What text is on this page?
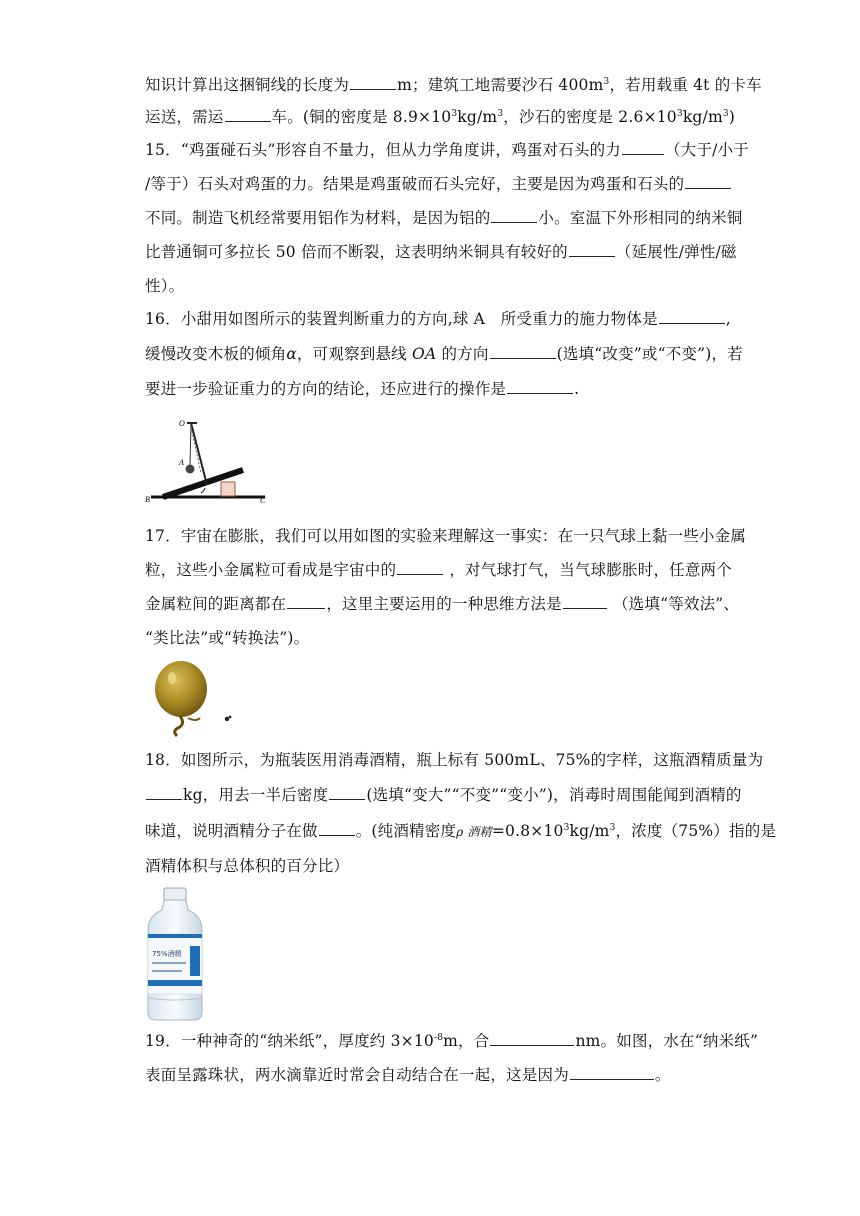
知识计算出这捆铜线的长度为	m；建筑工地需要沙石 $400m^3$，若用载重 4t 的卡车
运送，需运	车。(铜的密度是 $8.9\times 10^3kg/m^3$，沙石的密度是 $2.6\times 10^3kg/m^3$)
15．“鸡蛋碰石头”形容自不量力，但从力学角度讲，鸡蛋对石头的力	（大于/小于
/等于）石头对鸡蛋的力。结果是鸡蛋破而石头完好，主要是因为鸡蛋和石头的
不同。制造飞机经常要用铝作为材料，是因为铝的	小。室温下外形相同的纳米铜
比普通铜可多拉长 50 倍而不断裂，这表明纳米铜具有较好的	（延展性/弹性/磁
性）。
16．小甜用如图所示的装置判断重力的方向,球 A　所受重力的施力物体是	,
缓慢改变木板的倾角α，可观察到悬线 OA 的方向	(选填“改变”或“不变”)，若
要进一步验证重力的方向的结论，还应进行的操作是	.
O
A
B	C
17．宇宙在膨胀，我们可以用如图的实验来理解这一事实：在一只气球上黏一些小金属
粒，这些小金属粒可看成是宇宙中的	，对气球打气，当气球膨胀时，任意两个
金属粒间的距离都在	，这里主要运用的一种思维方法是	（选填“等效法”、
“类比法”或“转换法”)。
18．如图所示，为瓶装医用消毒酒精，瓶上标有 500mL、75%的字样，这瓶酒精质量为
kg，用去一半后密度 (选填“变大”“不变”“变小”)，消毒时周围能闻到酒精的
味道，说明酒精分子在做 。(纯酒精密度ρ 酒精$=0.8\times 10^3kg/m^3$，浓度（75%）指的是
酒精体积与总体积的百分比）
75%酒精
19．一种神奇的“纳米纸”，厚度约 $3\times 10^{-8}m$，合	nm。如图，水在“纳米纸”
表面呈露珠状，两水滴靠近时常会自动结合在一起，这是因为	。
